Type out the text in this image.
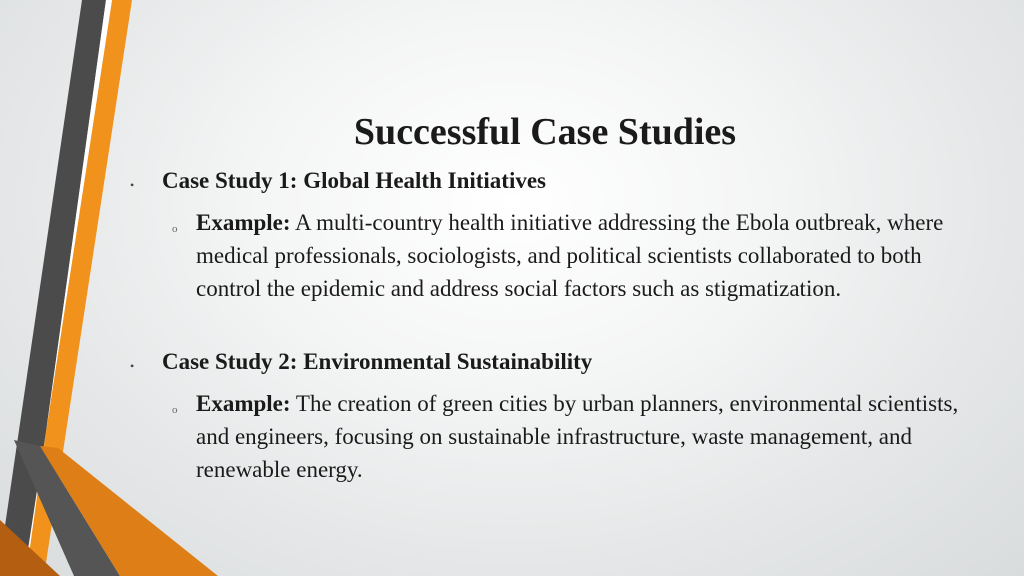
Successful Case Studies
• Case Study 1: Global Health Initiatives
o Example: A multi-country health initiative addressing the Ebola outbreak, where medical professionals, sociologists, and political scientists collaborated to both control the epidemic and address social factors such as stigmatization.
• Case Study 2: Environmental Sustainability
o Example: The creation of green cities by urban planners, environmental scientists, and engineers, focusing on sustainable infrastructure, waste management, and renewable energy.
